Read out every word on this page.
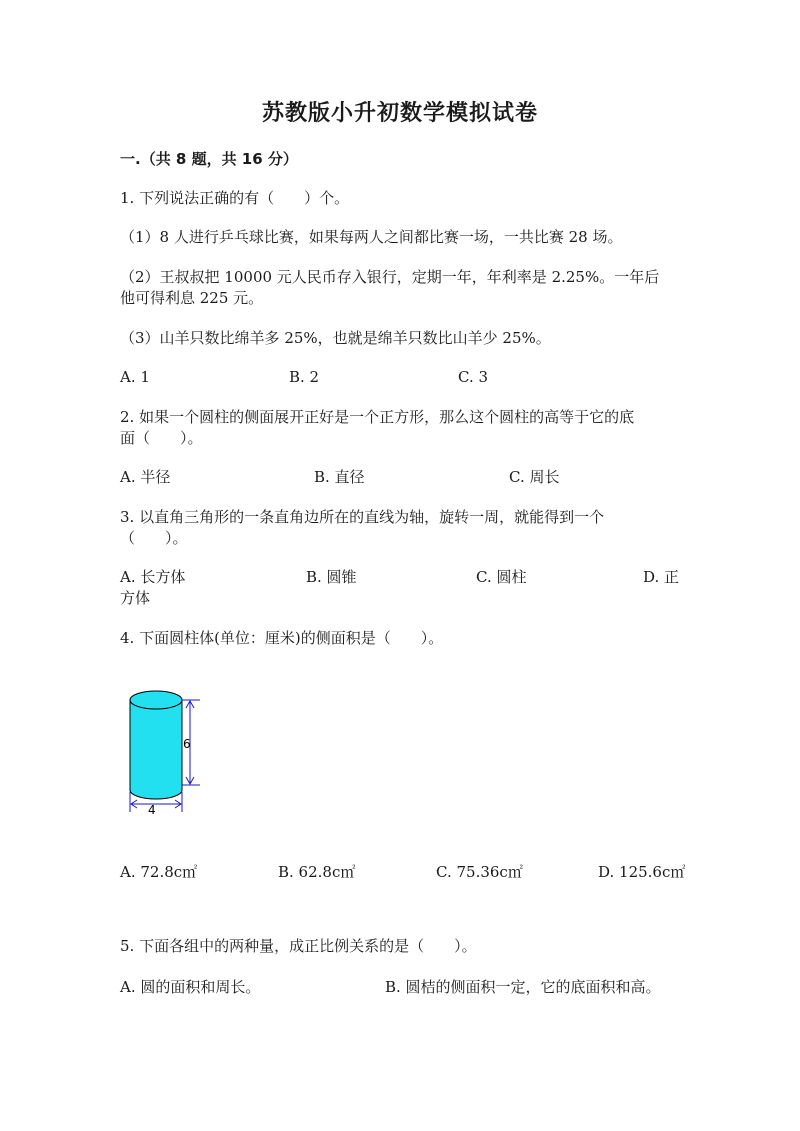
苏教版小升初数学模拟试卷
一.（共 8 题，共 16 分）
1. 下列说法正确的有（　　）个。
（1）8 人进行乒乓球比赛，如果每两人之间都比赛一场，一共比赛 28 场。
（2）王叔叔把 10000 元人民币存入银行，定期一年，年利率是 2.25%。一年后
他可得利息 225 元。
（3）山羊只数比绵羊多 25%，也就是绵羊只数比山羊少 25%。
A. 1	B. 2	C. 3
2. 如果一个圆柱的侧面展开正好是一个正方形，那么这个圆柱的高等于它的底
面（　　）。
A. 半径	B. 直径	C. 周长
3. 以直角三角形的一条直角边所在的直线为轴，旋转一周，就能得到一个
（　　）。
A. 长方体	B. 圆锥	C. 圆柱	D. 正
方体
4. 下面圆柱体(单位：厘米)的侧面积是（　　）。
6
4
A. 72.8c㎡	B. 62.8c㎡	C. 75.36c㎡	D. 125.6c㎡
5. 下面各组中的两种量，成正比例关系的是（　　）。
A. 圆的面积和周长。	B. 圆桔的侧面积一定，它的底面积和高。
